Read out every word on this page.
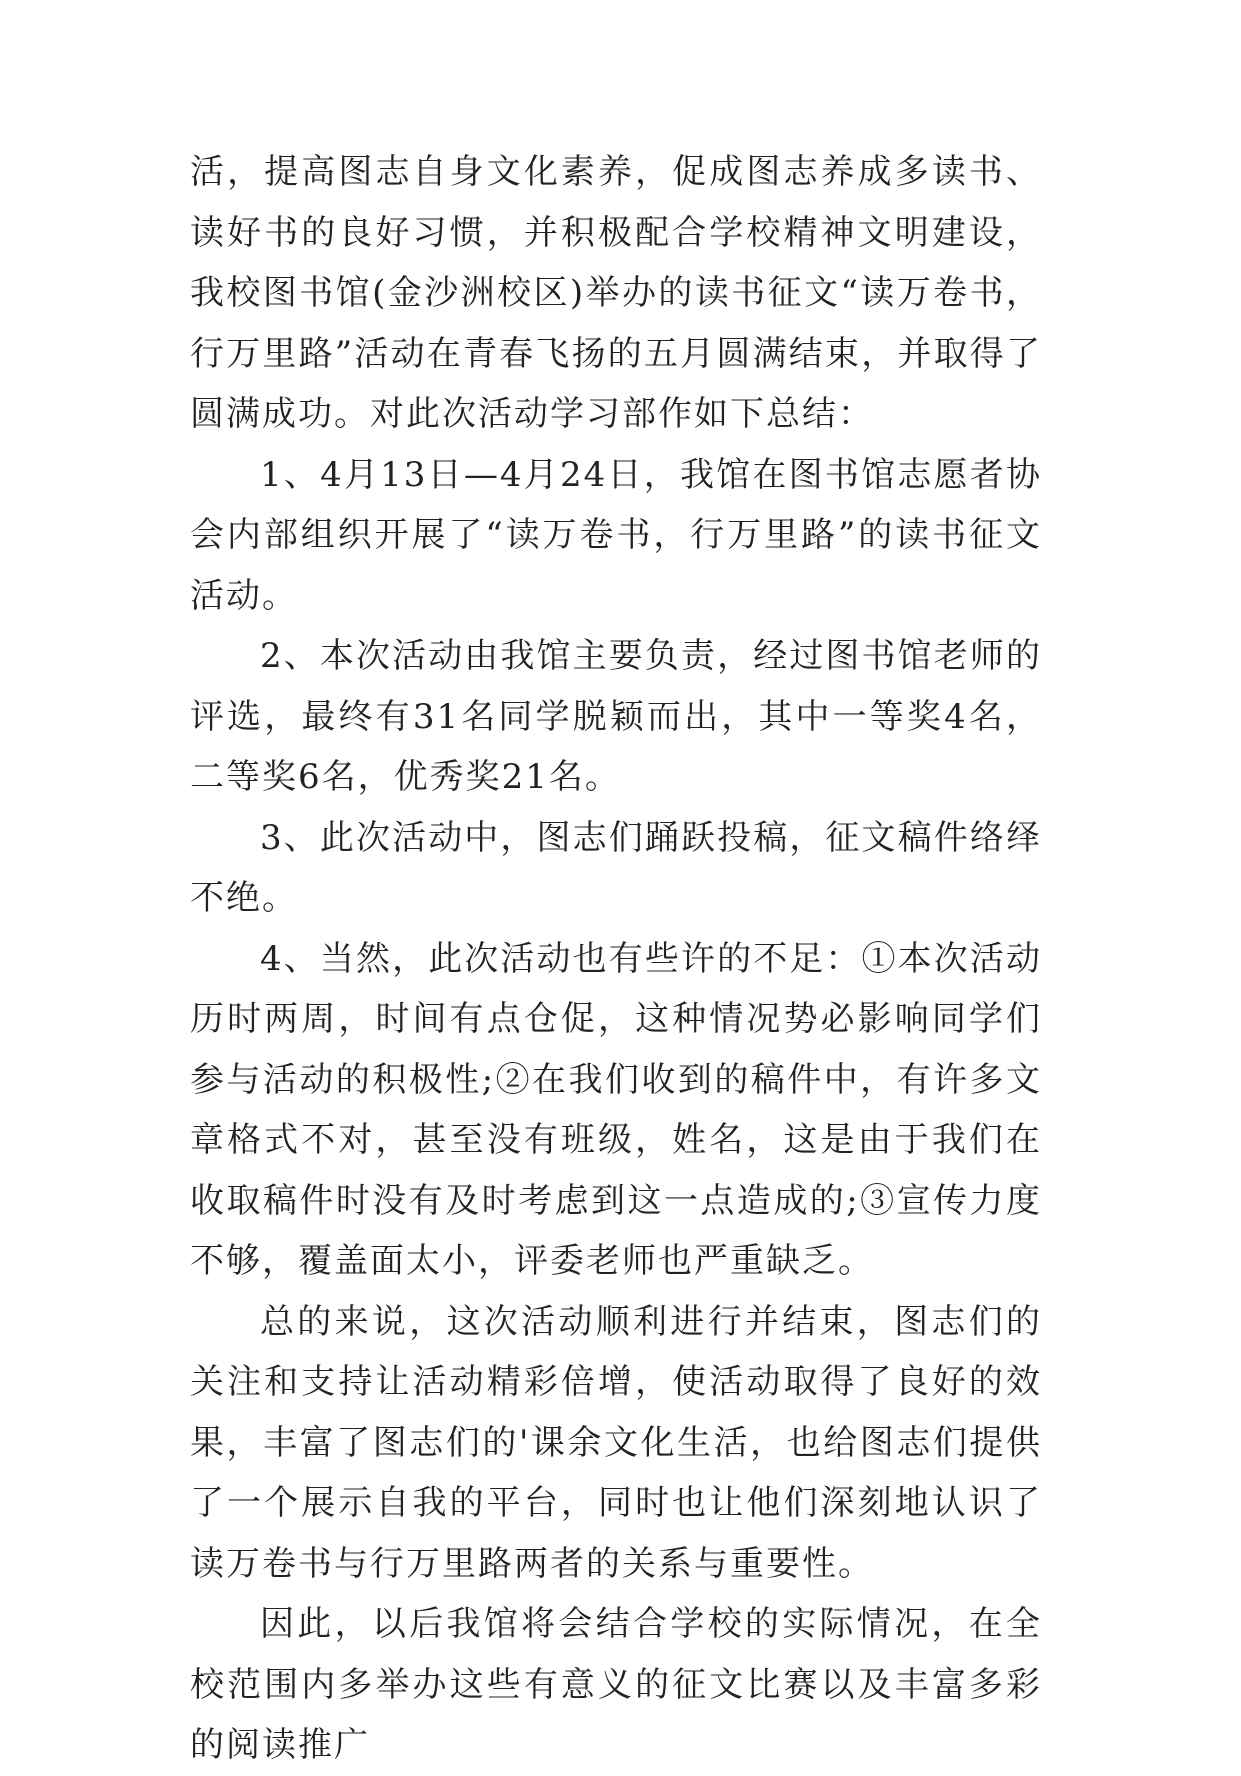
活，提高图志自身文化素养，促成图志养成多读书、读好书的良好习惯，并积极配合学校精神文明建设，我校图书馆(金沙洲校区)举办的读书征文“读万卷书，行万里路”活动在青春飞扬的五月圆满结束，并取得了圆满成功。对此次活动学习部作如下总结：

1、4月13日—4月24日，我馆在图书馆志愿者协会内部组织开展了“读万卷书，行万里路”的读书征文活动。

2、本次活动由我馆主要负责，经过图书馆老师的评选，最终有31名同学脱颖而出，其中一等奖4名，二等奖6名，优秀奖21名。

3、此次活动中，图志们踊跃投稿，征文稿件络绎不绝。

4、当然，此次活动也有些许的不足：①本次活动历时两周，时间有点仓促，这种情况势必影响同学们参与活动的积极性;②在我们收到的稿件中，有许多文章格式不对，甚至没有班级，姓名，这是由于我们在收取稿件时没有及时考虑到这一点造成的;③宣传力度不够，覆盖面太小，评委老师也严重缺乏。

总的来说，这次活动顺利进行并结束，图志们的关注和支持让活动精彩倍增，使活动取得了良好的效果，丰富了图志们的'课余文化生活，也给图志们提供了一个展示自我的平台，同时也让他们深刻地认识了读万卷书与行万里路两者的关系与重要性。

因此，以后我馆将会结合学校的实际情况，在全校范围内多举办这些有意义的征文比赛以及丰富多彩的阅读推广
